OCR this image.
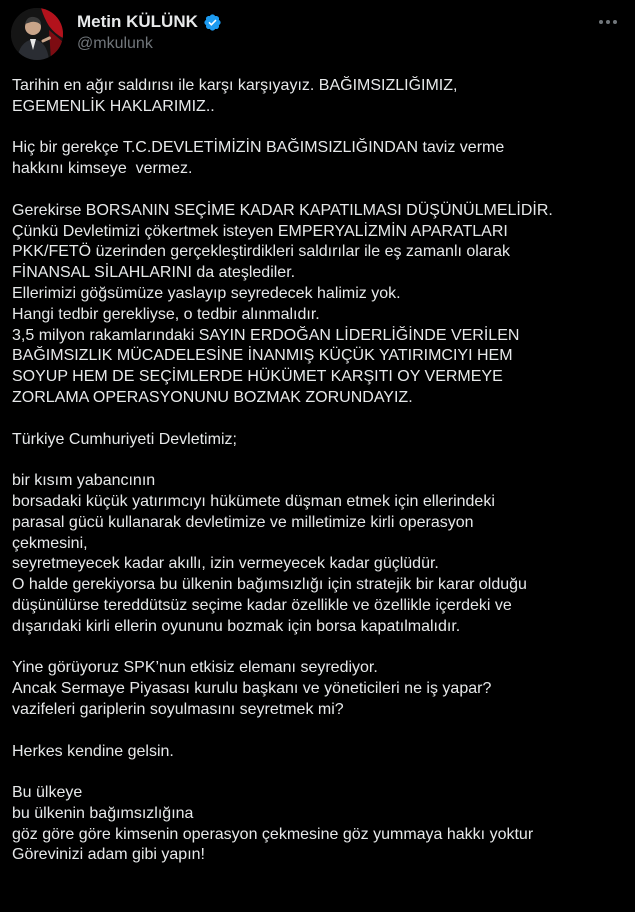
Metin KÜLÜNK
@mkulunk

Tarihin en ağır saldırısı ile karşı karşıyayız. BAĞIMSIZLIĞIMIZ,

EGEMENLİK HAKLARIMIZ..

Hiç bir gerekçe T.C.DEVLETİMİZİN BAĞIMSIZLIĞINDAN taviz verme

hakkını kimseye  vermez.

Gerekirse BORSANIN SEÇİME KADAR KAPATILMASI DÜŞÜNÜLMELİDİR.

Çünkü Devletimizi çökertmek isteyen EMPERYALİZMİN APARATLARI

PKK/FETÖ üzerinden gerçekleştirdikleri saldırılar ile eş zamanlı olarak

FİNANSAL SİLAHLARINI da ateşlediler.

Ellerimizi göğsümüze yaslayıp seyredecek halimiz yok.

Hangi tedbir gerekliyse, o tedbir alınmalıdır.

3,5 milyon rakamlarındaki SAYIN ERDOĞAN LİDERLİĞİNDE VERİLEN

BAĞIMSIZLIK MÜCADELESİNE İNANMIŞ KÜÇÜK YATIRIMCIYI HEM

SOYUP HEM DE SEÇİMLERDE HÜKÜMET KARŞITI OY VERMEYE

ZORLAMA OPERASYONUNU BOZMAK ZORUNDAYIZ.

Türkiye Cumhuriyeti Devletimiz;

bir kısım yabancının

borsadaki küçük yatırımcıyı hükümete düşman etmek için ellerindeki

parasal gücü kullanarak devletimize ve milletimize kirli operasyon

çekmesini,

seyretmeyecek kadar akıllı, izin vermeyecek kadar güçlüdür.

O halde gerekiyorsa bu ülkenin bağımsızlığı için stratejik bir karar olduğu

düşünülürse tereddütsüz seçime kadar özellikle ve özellikle içerdeki ve

dışarıdaki kirli ellerin oyununu bozmak için borsa kapatılmalıdır.

Yine görüyoruz SPK’nun etkisiz elemanı seyrediyor.

Ancak Sermaye Piyasası kurulu başkanı ve yöneticileri ne iş yapar?

vazifeleri gariplerin soyulmasını seyretmek mi?

Herkes kendine gelsin.

Bu ülkeye

bu ülkenin bağımsızlığına

göz göre göre kimsenin operasyon çekmesine göz yummaya hakkı yoktur

Görevinizi adam gibi yapın!
